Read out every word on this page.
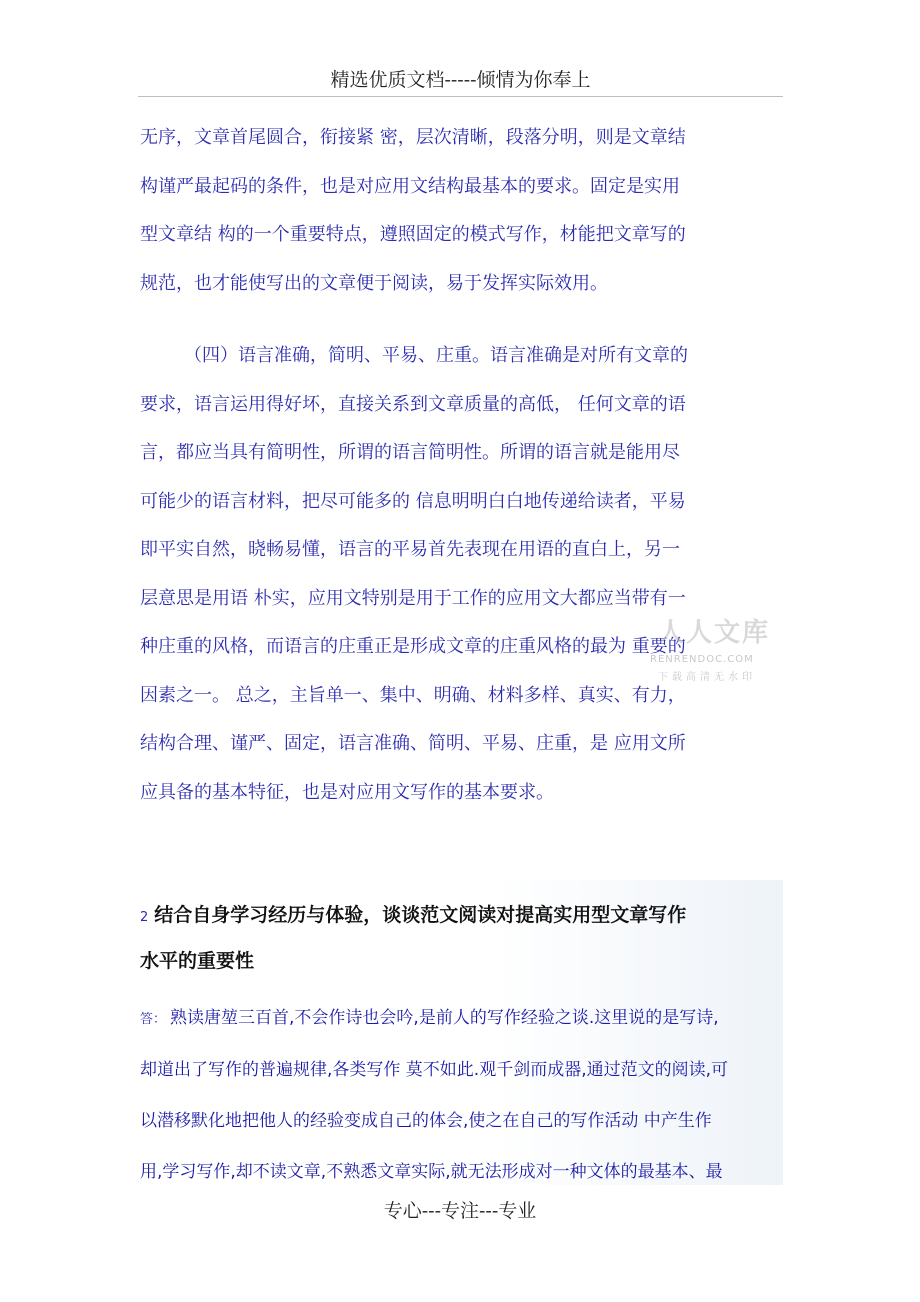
精选优质文档-----倾情为你奉上
无序，文章首尾圆合，衔接紧 密，层次清晰，段落分明，则是文章结
构谨严最起码的条件，也是对应用文结构最基本的要求。固定是实用
型文章结 构的一个重要特点，遵照固定的模式写作，材能把文章写的
规范，也才能使写出的文章便于阅读，易于发挥实际效用。
（四）语言准确，简明、平易、庄重。语言准确是对所有文章的
要求，语言运用得好坏，直接关系到文章质量的高低， 任何文章的语
言，都应当具有简明性，所谓的语言简明性。所谓的语言就是能用尽
可能少的语言材料，把尽可能多的 信息明明白白地传递给读者，平易
即平实自然，晓畅易懂，语言的平易首先表现在用语的直白上，另一
层意思是用语 朴实，应用文特别是用于工作的应用文大都应当带有一
种庄重的风格，而语言的庄重正是形成文章的庄重风格的最为 重要的
因素之一。 总之，主旨单一、集中、明确、材料多样、真实、有力，
结构合理、谨严、固定，语言准确、简明、平易、庄重，是 应用文所
应具备的基本特征，也是对应用文写作的基本要求。
人人文库
RENRENDOC.COM
下载高清无水印
2 结合自身学习经历与体验，谈谈范文阅读对提高实用型文章写作
水平的重要性
答： 熟读唐堃三百首,不会作诗也会吟,是前人的写作经验之谈.这里说的是写诗,
却道出了写作的普遍规律,各类写作 莫不如此.观千剑而成器,通过范文的阅读,可
以潜移默化地把他人的经验变成自己的体会,使之在自己的写作活动 中产生作
用,学习写作,却不读文章,不熟悉文章实际,就无法形成对一种文体的最基本、最
专心---专注---专业
